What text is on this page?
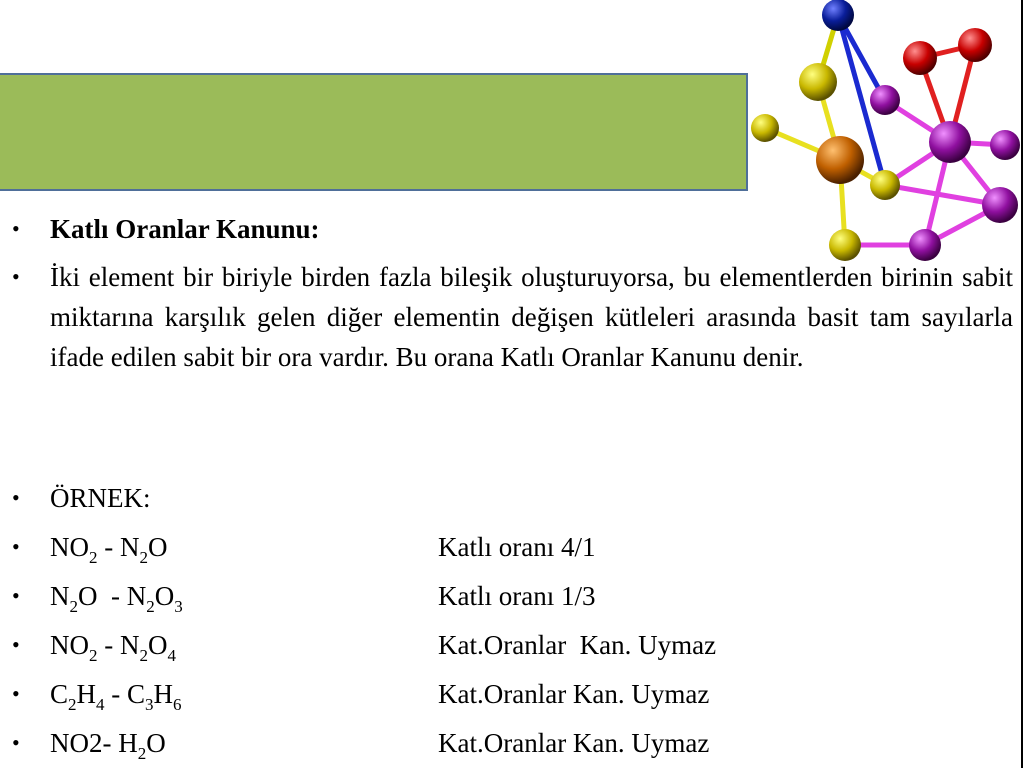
•	Katlı Oranlar Kanunu:
•	İki element bir biriyle birden fazla bileşik oluşturuyorsa, bu elementlerden birinin sabit miktarına karşılık gelen diğer elementin değişen kütleleri arasında basit tam sayılarla ifade edilen sabit bir ora vardır. Bu orana Katlı Oranlar Kanunu denir.
•	ÖRNEK:
•	$NO_2 - N_2O$	Katlı oranı 4/1
•	$N_2O - N_2O_3$	Katlı oranı 1/3
•	$NO_2 - N_2O_4$	Kat.Oranlar  Kan. Uymaz
•	$C_2H_4 - C_3H_6$	Kat.Oranlar Kan. Uymaz
•	NO2- $H_2O$	Kat.Oranlar Kan. Uymaz
